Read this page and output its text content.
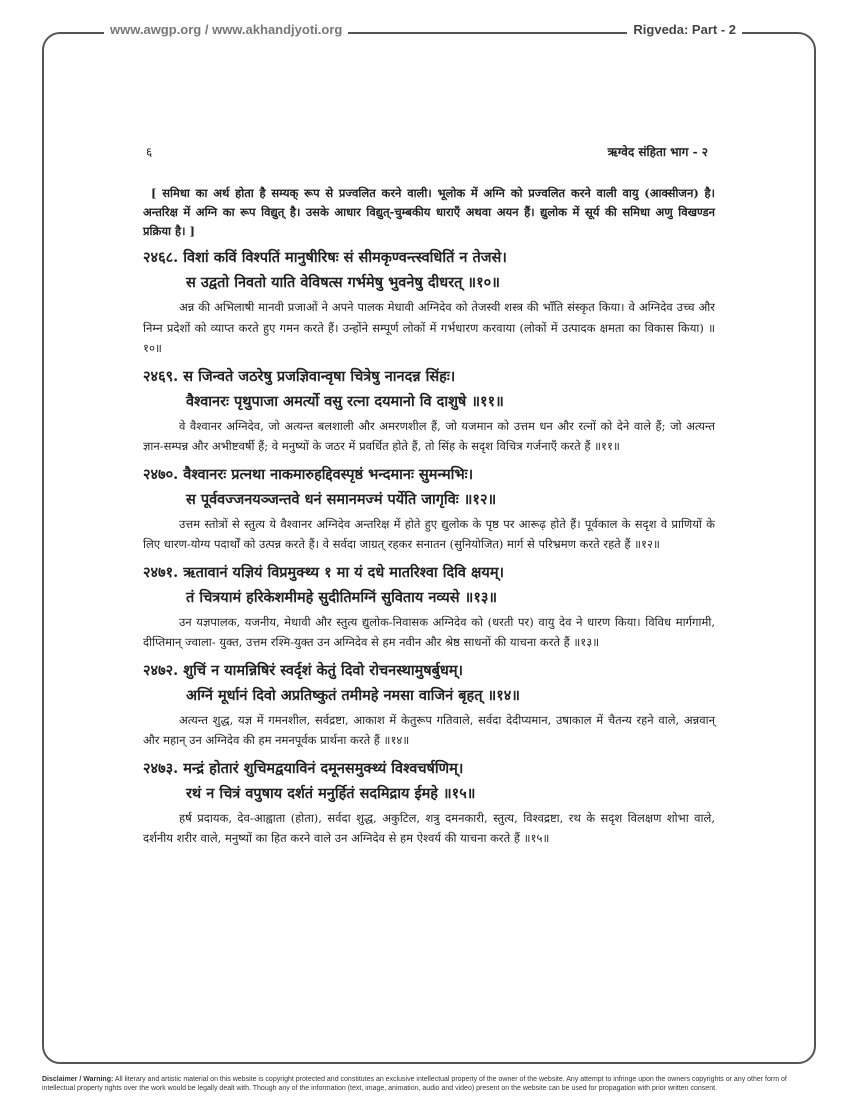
www.awgp.org / www.akhandjyoti.org	Rigveda: Part - 2
६	ऋग्वेद संहिता भाग - २

[ समिधा का अर्थ होता है सम्यक् रूप से प्रज्वलित करने वाली। भूलोक में अग्नि को प्रज्वलित करने वाली वायु (आक्सीजन) है। अन्तरिक्ष में अग्नि का रूप विद्युत् है। उसके आधार विद्युत्-चुम्बकीय धाराएँ अथवा अयन हैं। द्युलोक में सूर्य की समिधा अणु विखण्डन प्रक्रिया है। ]

२४६८. विशां कविं विश्पतिं मानुषीरिषः सं सीमकृण्वन्त्स्वधितिं न तेजसे।
स उद्वतो निवतो याति वेविषत्स गर्भमेषु भुवनेषु दीधरत् ॥१०॥

अन्न की अभिलाषी मानवी प्रजाओं ने अपने पालक मेधावी अग्निदेव को तेजस्वी शस्त्र की भाँति संस्कृत किया। वे अग्निदेव उच्च और निम्न प्रदेशों को व्याप्त करते हुए गमन करते हैं। उन्होंने सम्पूर्ण लोकों में गर्भधारण करवाया (लोकों में उत्पादक क्षमता का विकास किया) ॥१०॥

२४६९. स जिन्वते जठरेषु प्रजज्ञिवान्वृषा चित्रेषु नानदन्न सिंहः।
वैश्वानरः पृथुपाजा अमर्त्यो वसु रत्ना दयमानो वि दाशुषे ॥११॥

वे वैश्वानर अग्निदेव, जो अत्यन्त बलशाली और अमरणशील हैं, जो यजमान को उत्तम धन और रत्नों को देने वाले हैं; जो अत्यन्त ज्ञान-सम्पन्न और अभीष्टवर्षी हैं; वे मनुष्यों के जठर में प्रवर्धित होते हैं, तो सिंह के सदृश विचित्र गर्जनाएँ करते हैं ॥११॥

२४७०. वैश्वानरः प्रत्नथा नाकमारुहद्दिवस्पृष्ठं भन्दमानः सुमन्मभिः।
स पूर्ववज्जनयञ्जन्तवे धनं समानमज्मं पर्येति जागृविः ॥१२॥

उत्तम स्तोत्रों से स्तुत्य ये वैश्वानर अग्निदेव अन्तरिक्ष में होते हुए द्युलोक के पृष्ठ पर आरूढ़ होते हैं। पूर्वकाल के सदृश वे प्राणियों के लिए धारण-योग्य पदार्थों को उत्पन्न करते हैं। वे सर्वदा जाग्रत् रहकर सनातन (सुनियोजित) मार्ग से परिभ्रमण करते रहते हैं ॥१२॥

२४७१. ऋतावानं यज्ञियं विप्रमुक्थ्य १ मा यं दधे मातरिश्वा दिवि क्षयम्।
तं चित्रयामं हरिकेशमीमहे सुदीतिमग्निं सुविताय नव्यसे ॥१३॥

उन यज्ञपालक, यजनीय, मेधावी और स्तुत्य द्युलोक-निवासक अग्निदेव को (धरती पर) वायु देव ने धारण किया। विविध मार्गगामी, दीप्तिमान् ज्वाला- युक्त, उत्तम रश्मि-युक्त उन अग्निदेव से हम नवीन और श्रेष्ठ साधनों की याचना करते हैं ॥१३॥

२४७२. शुचिं न यामन्निषिरं स्वर्दृशं केतुं दिवो रोचनस्थामुषर्बुधम्।
अग्निं मूर्धानं दिवो अप्रतिष्कुतं तमीमहे नमसा वाजिनं बृहत् ॥१४॥

अत्यन्त शुद्ध, यज्ञ में गमनशील, सर्वद्रष्टा, आकाश में केतुरूप गतिवाले, सर्वदा देदीप्यमान, उषाकाल में चैतन्य रहने वाले, अन्नवान् और महान् उन अग्निदेव की हम नमनपूर्वक प्रार्थना करते हैं ॥१४॥

२४७३. मन्द्रं होतारं शुचिमद्वयाविनं दमूनसमुक्थ्यं विश्वचर्षणिम्।
रथं न चित्रं वपुषाय दर्शतं मनुर्हितं सदमिद्राय ईमहे ॥१५॥

हर्ष प्रदायक, देव-आह्वाता (होता), सर्वदा शुद्ध, अकुटिल, शत्रु दमनकारी, स्तुत्य, विश्वद्रष्टा, रथ के सदृश विलक्षण शोभा वाले, दर्शनीय शरीर वाले, मनुष्यों का हित करने वाले उन अग्निदेव से हम ऐश्वर्य की याचना करते हैं ॥१५॥

Disclaimer / Warning: All literary and artistic material on this website is copyright protected and constitutes an exclusive intellectual property of the owner of the website. Any attempt to infringe upon the owners copyrights or any other form of intellectual property rights over the work would be legally dealt with. Though any of the information (text, image, animation, audio and video) present on the website can be used for propagation with prior written consent.
